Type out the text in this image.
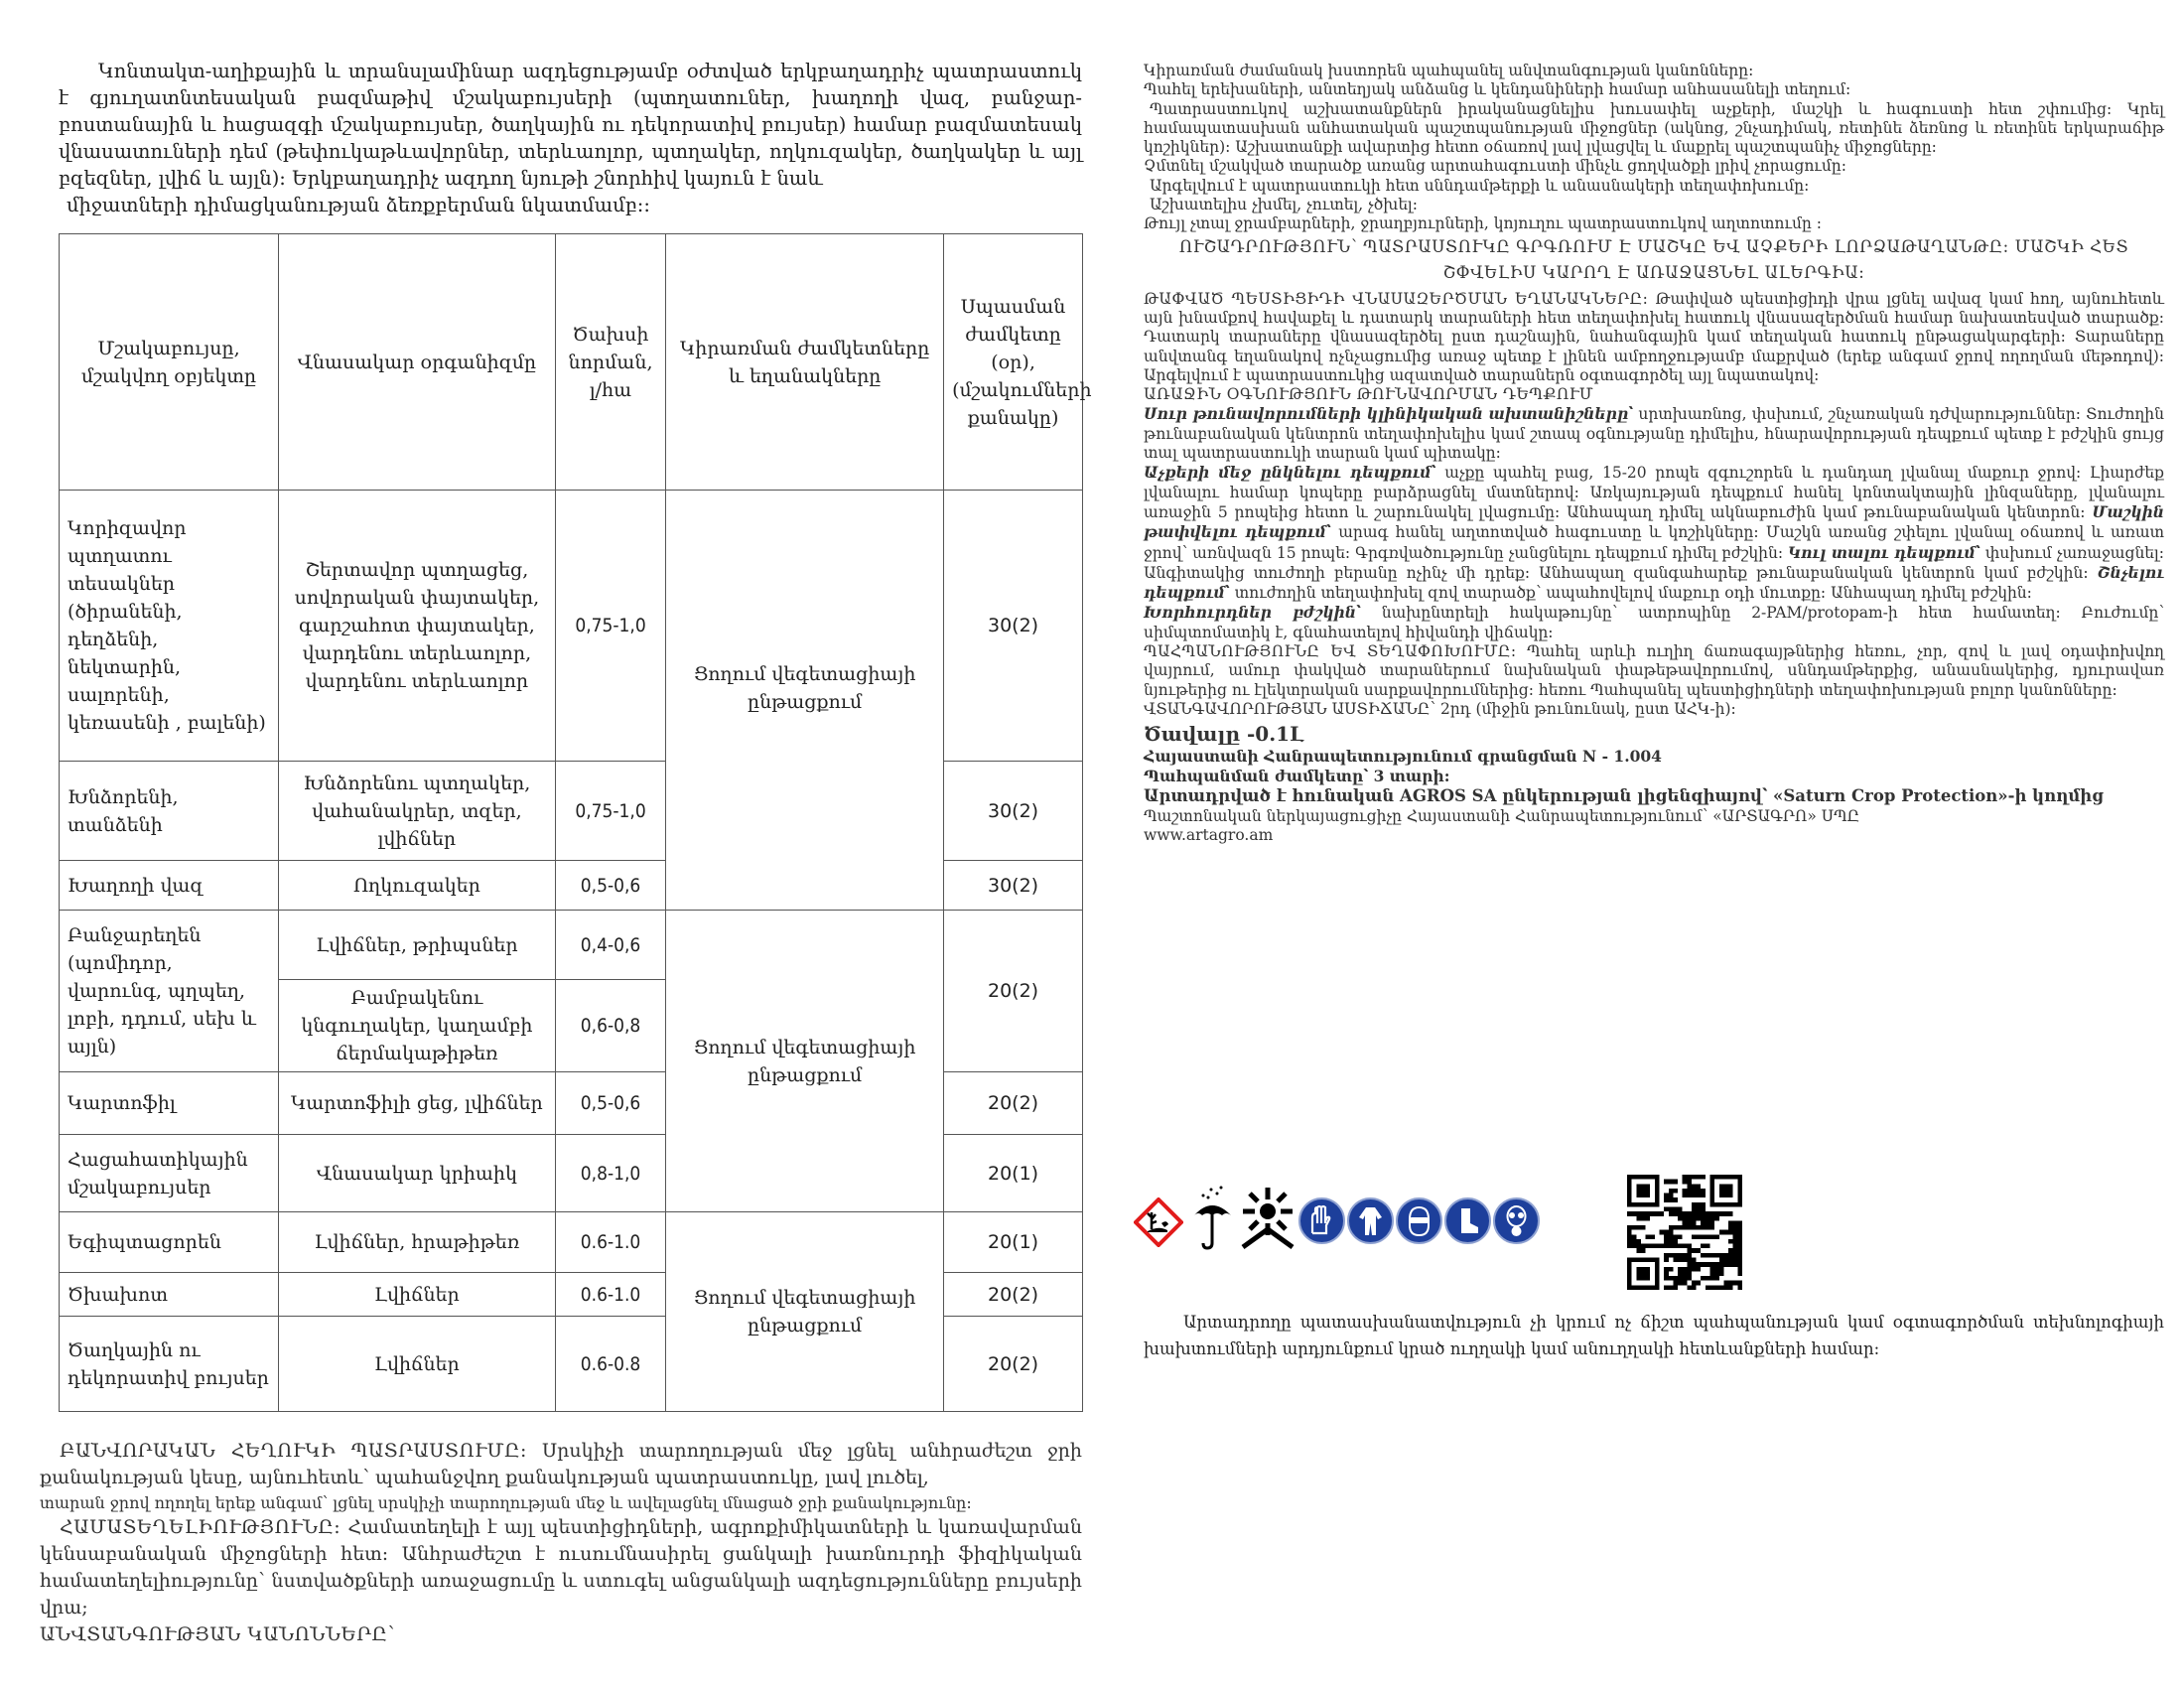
Կոնտակտ-աղիքային և տրանսլամինար ազդեցությամբ օժտված երկբաղադրիչ պատրաստուկ է գյուղատնտեսական բազմաթիվ մշակաբույսերի (պտղատուներ, խաղողի վազ, բանջար-բոստանային և հացազգի մշակաբույսեր, ծաղկային ու դեկորատիվ բույսեր) համար բազմատեսակ վնասատուների դեմ (թեփուկաթևավորներ, տերևաոլոր, պտղակեր, ողկուզակեր, ծաղկակեր և այլ բզեզներ, լվիճ և այլն): Երկբաղադրիչ ազդող նյութի շնորհիվ կայուն է նաև

միջատների դիմացկանության ձեռքբերման նկատմամբ::

Մշակաբույսը, մշակվող օբյեկտը	Վնասակար օրգանիզմը	Ծախսի նորման, լ/հա	Կիրառման ժամկետները և եղանակները	Սպասման ժամկետը (օր), (մշակումների քանակը)
Կորիզավոր պտղատու տեսակներ (ծիրանենի, դեղձենի, նեկտարին, սալորենի, կեռասենի , բալենի)	Շերտավոր պտղացեց, սովորական փայտակեր, գարշահոտ փայտակեր, վարդենու տերևաոլոր, վարդենու տերևաոլոր	0,75-1,0	Ցողում վեգետացիայի ընթացքում	30(2)
Խնձորենի, տանձենի	Խնձորենու պտղակեր, վահանակրեր, տզեր, լվիճներ	0,75-1,0		30(2)
Խաղողի վազ	Ողկուզակեր	0,5-0,6		30(2)
Բանջարեղեն (պոմիդոր, վարունգ, պղպեղ, լոբի, դդում, սեխ և այլն)	Լվիճներ, թրիպսներ	0,4-0,6	Ցողում վեգետացիայի ընթացքում	20(2)
	Բամբակենու կնգուղակեր, կաղամբի ճերմակաթիթեռ	0,6-0,8		
Կարտոֆիլ	Կարտոֆիլի ցեց, լվիճներ	0,5-0,6		20(2)
Հացահատիկային մշակաբույսեր	Վնասակար կրիաիկ	0,8-1,0		20(1)
Եգիպտացորեն	Լվիճներ, հրաթիթեռ	0.6-1.0	Ցողում վեգետացիայի ընթացքում	20(1)
Ծխախոտ	Լվիճներ	0.6-1.0		20(2)
Ծաղկային ու դեկորատիվ բույսեր	Լվիճներ	0.6-0.8		20(2)

ԲԱՆՎՈՐԱԿԱՆ ՀԵՂՈՒԿԻ ՊԱՏՐԱՍՏՈՒՄԸ: Սրսկիչի տարողության մեջ լցնել անհրաժեշտ ջրի քանակության կեսը, այնուհետև՝ պահանջվող քանակության պատրաստուկը, լավ լուծել,

տարան ջրով ողողել երեք անգամ՝ լցնել սրսկիչի տարողության մեջ և ավելացնել մնացած ջրի քանակությունը:

ՀԱՄԱՏԵՂԵԼԻՈՒԹՅՈՒՆԸ: Համատեղելի է այլ պեստիցիդների, ագրոքիմիկատների և կառավարման կենսաբանական միջոցների հետ: Անհրաժեշտ է ուսումնասիրել ցանկալի խառնուրդի ֆիզիկական համատեղելիությունը՝ նստվածքների առաջացումը և ստուգել անցանկալի ազդեցությունները բույսերի վրա;

ԱՆՎՏԱՆԳՈՒԹՅԱՆ ԿԱՆՈՆՆԵՐԸ՝

Կիրառման ժամանակ խստորեն պահպանել անվտանգության կանոնները:

Պահել երեխաների, անտեղյակ անձանց և կենդանիների համար անհասանելի տեղում:

Պատրաստուկով աշխատանքներն իրականացնելիս խուսափել աչքերի, մաշկի և հագուստի հետ շփումից: Կրել համապատասխան անհատական պաշտպանության միջոցներ (ակնոց, շնչադիմակ, ռետինե ձեռնոց և ռետինե երկարաճիթ կոշիկներ): Աշխատանքի ավարտից հետո օճառով լավ լվացվել և մաքրել պաշտպանիչ միջոցները:

Չմտնել մշակված տարածք առանց արտահագուստի մինչև ցողվածքի լրիվ չորացումը:

Արգելվում է պատրաստուկի հետ սննդամթերքի և անասնակերի տեղափոխումը:

Աշխատելիս չխմել, չուտել, չծխել:

Թույլ չտալ ջրամբարների, ջրաղբյուրների, կոյուղու պատրաստուկով աղտոտումը :

ՈՒՇԱԴՐՈՒԹՅՈՒՆ՝ ՊԱՏՐԱՍՏՈՒԿԸ ԳՐԳՌՈՒՄ Է ՄԱՇԿԸ ԵՎ ԱՉՔԵՐԻ ԼՈՐՁԱԹԱՂԱՆԹԸ: ՄԱՇԿԻ ՀԵՏ ՇՓՎԵԼԻՍ ԿԱՐՈՂ Է ԱՌԱՋԱՑՆԵԼ ԱԼԵՐԳԻԱ:

ԹԱՓՎԱԾ ՊԵՍՏԻՑԻԴԻ ՎՆԱՍԱԶԵՐԾՄԱՆ ԵՂԱՆԱԿՆԵՐԸ: Թափված պեստիցիդի վրա լցնել ավազ կամ հող, այնուհետև այն խնամքով հավաքել և դատարկ տարաների հետ տեղափոխել հատուկ վնասազերծման համար նախատեսված տարածք: Դատարկ տարաները վնասազերծել ըստ դաշնային, նահանգային կամ տեղական հատուկ ընթացակարգերի: Տարաները անվտանգ եղանակով ոչնչացումից առաջ պետք է լինեն ամբողջությամբ մաքրված (երեք անգամ ջրով ողողման մեթոդով): Արգելվում է պատրաստուկից ազատված տարաներն օգտագործել այլ նպատակով:

ԱՌԱՋԻՆ ՕԳՆՈՒԹՅՈՒՆ ԹՈՒՆԱՎՈՐՄԱՆ ԴԵՊՔՈՒՄ

Սուր թունավորումների կլինիկական ախտանիշները՝ սրտխառնոց, փսխում, շնչառական դժվարություններ: Տուժողին թունաբանական կենտրոն տեղափոխելիս կամ շտապ օգնությանը դիմելիս, հնարավորության դեպքում պետք է բժշկին ցույց տալ պատրաստուկի տարան կամ պիտակը:
Աչքերի մեջ ընկնելու դեպքում՝ աչքը պահել բաց, 15-20 րոպե զգուշորեն և դանդաղ լվանալ մաքուր ջրով: Լիարժեք լվանալու համար կոպերը բարձրացնել մատներով: Առկայության դեպքում հանել կոնտակտային լինզաները, լվանալու առաջին 5 րոպեից հետո և շարունակել լվացումը: Անհապաղ դիմել ակնաբուժին կամ թունաբանական կենտրոն: Մաշկին թափվելու դեպքում՝ արագ հանել աղտոտված հագուստը և կոշիկները: Մաշկն առանց շփելու լվանալ օճառով և առատ ջրով՝ առնվազն 15 րոպե: Գրգռվածությունը չանցնելու դեպքում դիմել բժշկին: Կուլ տալու դեպքում՝ փսխում չառաջացնել: Անգիտակից տուժողի բերանը ոչինչ մի դրեք: Անհապաղ զանգահարեք թունաբանական կենտրոն կամ բժշկին: Շնչելու դեպքում՝ տուժողին տեղափոխել զով տարածք՝ ապահովելով մաքուր օդի մուտքը: Անհապաղ դիմել բժշկին:
Խորհուրդներ բժշկին՝ նախընտրելի հակաթույնը՝ ատրոպինը 2-PAM/protopam-ի հետ համատեղ: Բուժումը՝ սիմպտոմատիկ է, գնահատելով հիվանդի վիճակը:

ՊԱՀՊԱՆՈՒԹՅՈՒՆԸ ԵՎ ՏԵՂԱՓՈԽՈՒՄԸ: Պահել արևի ուղիղ ճառագայթներից հեռու, չոր, զով և լավ օդափոխվող վայրում, ամուր փակված տարաներում նախնական փաթեթավորումով, սննդամթերքից, անասնակերից, դյուրավառ նյութերից ու էլեկտրական սարքավորումներից: հեռու Պահպանել պեստիցիդների տեղափոխության բոլոր կանոնները:

ՎՏԱՆԳԱՎՈՐՈՒԹՅԱՆ ԱՍՏԻՃԱՆԸ՝ 2րդ (միջին թունունակ, ըստ ԱՀԿ-ի):

Ծավալը -0.1Լ

Հայաստանի Հանրապետությունում գրանցման N - 1.004

Պահպանման ժամկետը՝ 3 տարի:

Արտադրված է հունական AGROS SA ընկերության լիցենզիայով՝ «Saturn Crop Protection»-ի կողմից

Պաշտոնական ներկայացուցիչը Հայաստանի Հանրապետությունում՝ «ԱՐՏԱԳՐՈ» ՍՊԸ

www.artagro.am

Արտադրողը պատասխանատվություն չի կրում ոչ ճիշտ պահպանության կամ օգտագործման տեխնոլոգիայի խախտումների արդյունքում կրած ուղղակի կամ անուղղակի հետևանքների համար:
